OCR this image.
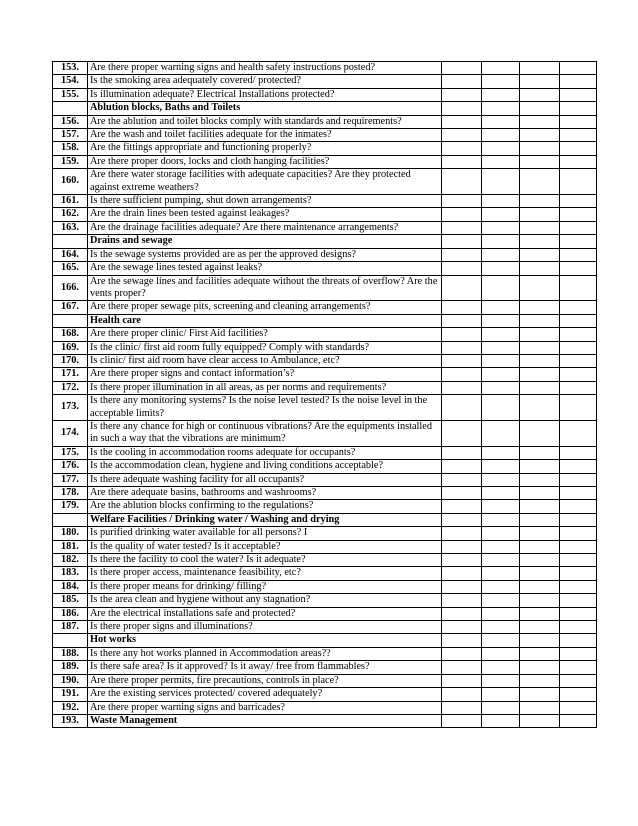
153.	Are there proper warning signs and health safety instructions posted?				
154.	Is the smoking area adequately covered/ protected?				
155.	Is illumination adequate? Electrical Installations protected?				
	Ablution blocks, Baths and Toilets				
156.	Are the ablution and toilet blocks comply with standards and requirements?				
157.	Are the wash and toilet facilities adequate for the inmates?				
158.	Are the fittings appropriate and functioning properly?				
159.	Are there proper doors, locks and cloth hanging facilities?				
160.	Are there water storage facilities with adequate capacities? Are they protected against extreme weathers?				
161.	Is there sufficient pumping, shut down arrangements?				
162.	Are the drain lines been tested against leakages?				
163.	Are the drainage facilities adequate? Are there maintenance arrangements?				
	Drains and sewage				
164.	Is the sewage systems provided are as per the approved designs?				
165.	Are the sewage lines tested against leaks?				
166.	Are the sewage lines and facilities adequate without the threats of overflow? Are the vents proper?				
167.	Are there proper sewage pits, screening and cleaning arrangements?				
	Health care				
168.	Are there proper clinic/ First Aid facilities?				
169.	Is the clinic/ first aid room fully equipped? Comply with standards?				
170.	Is clinic/ first aid room have clear access to Ambulance, etc?				
171.	Are there proper signs and contact information’s?				
172.	Is there proper illumination in all areas, as per norms and requirements?				
173.	Is there any monitoring systems? Is the noise level tested? Is the noise level in the acceptable limits?				
174.	Is there any chance for high or continuous vibrations? Are the equipments installed in such a way that the vibrations are minimum?				
175.	Is the cooling in accommodation rooms adequate for occupants?				
176.	Is the accommodation clean, hygiene and living conditions acceptable?				
177.	Is there adequate washing facility for all occupants?				
178.	Are there adequate basins, bathrooms and washrooms?				
179.	Are the ablution blocks confirming to the regulations?				
	Welfare Facilities / Drinking water / Washing and drying				
180.	Is purified drinking water available for all persons? I				
181.	Is the quality of water tested? Is it acceptable?				
182.	Is there the facility to cool the water? Is it adequate?				
183.	Is there proper access, maintenance feasibility, etc?				
184.	Is there proper means for drinking/ filling?				
185.	Is the area clean and hygiene without any stagnation?				
186.	Are the electrical installations safe and protected?				
187.	Is there proper signs and illuminations?				
	Hot works				
188.	Is there any hot works planned in Accommodation areas??				
189.	Is there safe area? Is it approved? Is it away/ free from flammables?				
190.	Are there proper permits, fire precautions, controls in place?				
191.	Are the existing services protected/ covered adequately?				
192.	Are there proper warning signs and barricades?				
193.	Waste Management				
